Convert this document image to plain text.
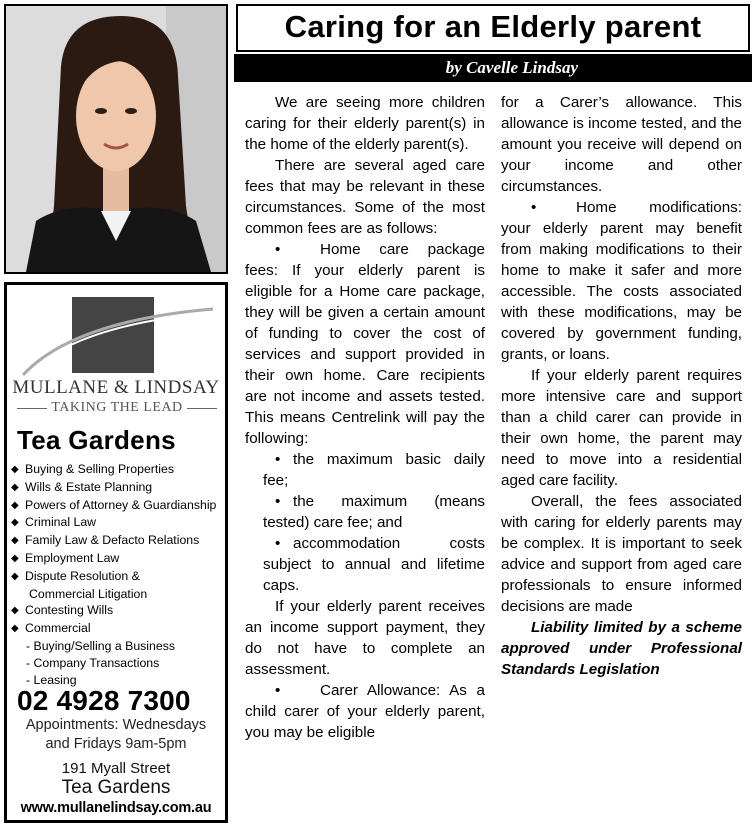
MULLANE & LINDSAY
TAKING THE LEAD
Tea Gardens
◆ Buying & Selling Properties
◆ Wills & Estate Planning
◆ Powers of Attorney & Guardianship
◆ Criminal Law
◆ Family Law & Defacto Relations
◆ Employment Law
◆ Dispute Resolution &
Commercial Litigation
◆ Contesting Wills
◆ Commercial
- Buying/Selling a Business
- Company Transactions
- Leasing
02 4928 7300
Appointments: Wednesdays
and Fridays 9am-5pm
191 Myall Street
Tea Gardens
www.mullanelindsay.com.au
Caring for an Elderly parent
by Cavelle Lindsay

We are seeing more children caring for their elderly parent(s) in the home of the elderly parent(s).

There are several aged care fees that may be relevant in these circumstances. Some of the most common fees are as follows:

•	Home care package fees: If your elderly parent is eligible for a Home care package, they will be given a certain amount of funding to cover the cost of services and support provided in their own home. Care recipients are not income and assets tested. This means Centrelink will pay the following:

• the maximum basic daily fee;

• the maximum (means tested) care fee; and

• accommodation costs subject to annual and lifetime caps.

If your elderly parent receives an income support payment, they do not have to complete an assessment.

•	Carer Allowance: As a child carer of your elderly parent, you may be eligible

for a Carer’s allowance. This allowance is income tested, and the amount you receive will depend on your income and other circumstances.

•	Home modifications: your elderly parent may benefit from making modifications to their home to make it safer and more accessible. The costs associated with these modifications, may be covered by government funding, grants, or loans.

If your elderly parent requires more intensive care and support than a child carer can provide in their own home, the parent may need to move into a residential aged care facility.

Overall, the fees associated with caring for elderly parents may be complex. It is important to seek advice and support from aged care professionals to ensure informed decisions are made

Liability limited by a scheme approved under Professional Standards Legislation
